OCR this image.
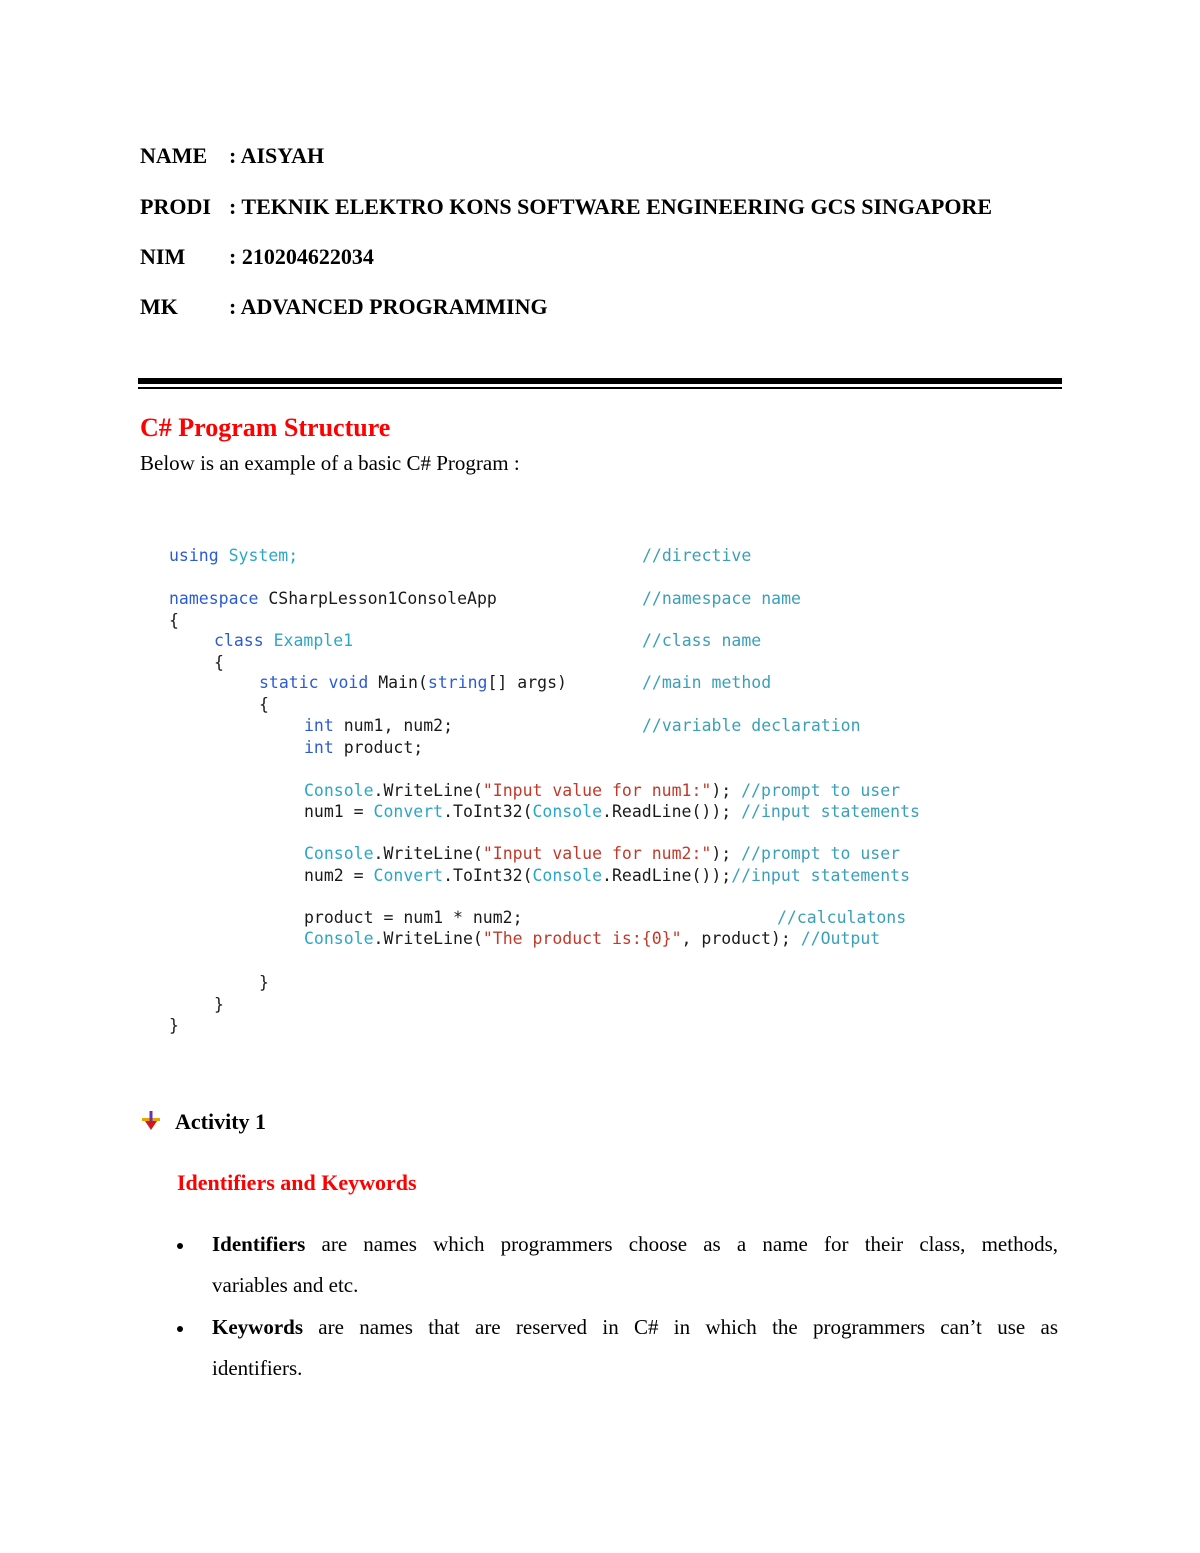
NAME : AISYAH
PRODI : TEKNIK ELEKTRO KONS SOFTWARE ENGINEERING GCS SINGAPORE
NIM : 210204622034
MK : ADVANCED PROGRAMMING
C# Program Structure
Below is an example of a basic C# Program :
using System;	//directive
namespace CSharpLesson1ConsoleApp	//namespace name
{
class Example1	//class name
{
static void Main(string[] args)	//main method
{
int num1, num2;	//variable declaration
int product;
Console.WriteLine("Input value for num1:"); //prompt to user
num1 = Convert.ToInt32(Console.ReadLine()); //input statements
Console.WriteLine("Input value for num2:"); //prompt to user
num2 = Convert.ToInt32(Console.ReadLine());//input statements
product = num1 * num2;	//calculatons
Console.WriteLine("The product is:{0}", product); //Output
}
}
}
Activity 1
Identifiers and Keywords
Identifiers are names which programmers choose as a name for their class, methods,
variables and etc.
Keywords are names that are reserved in C# in which the programmers can’t use as
identifiers.
